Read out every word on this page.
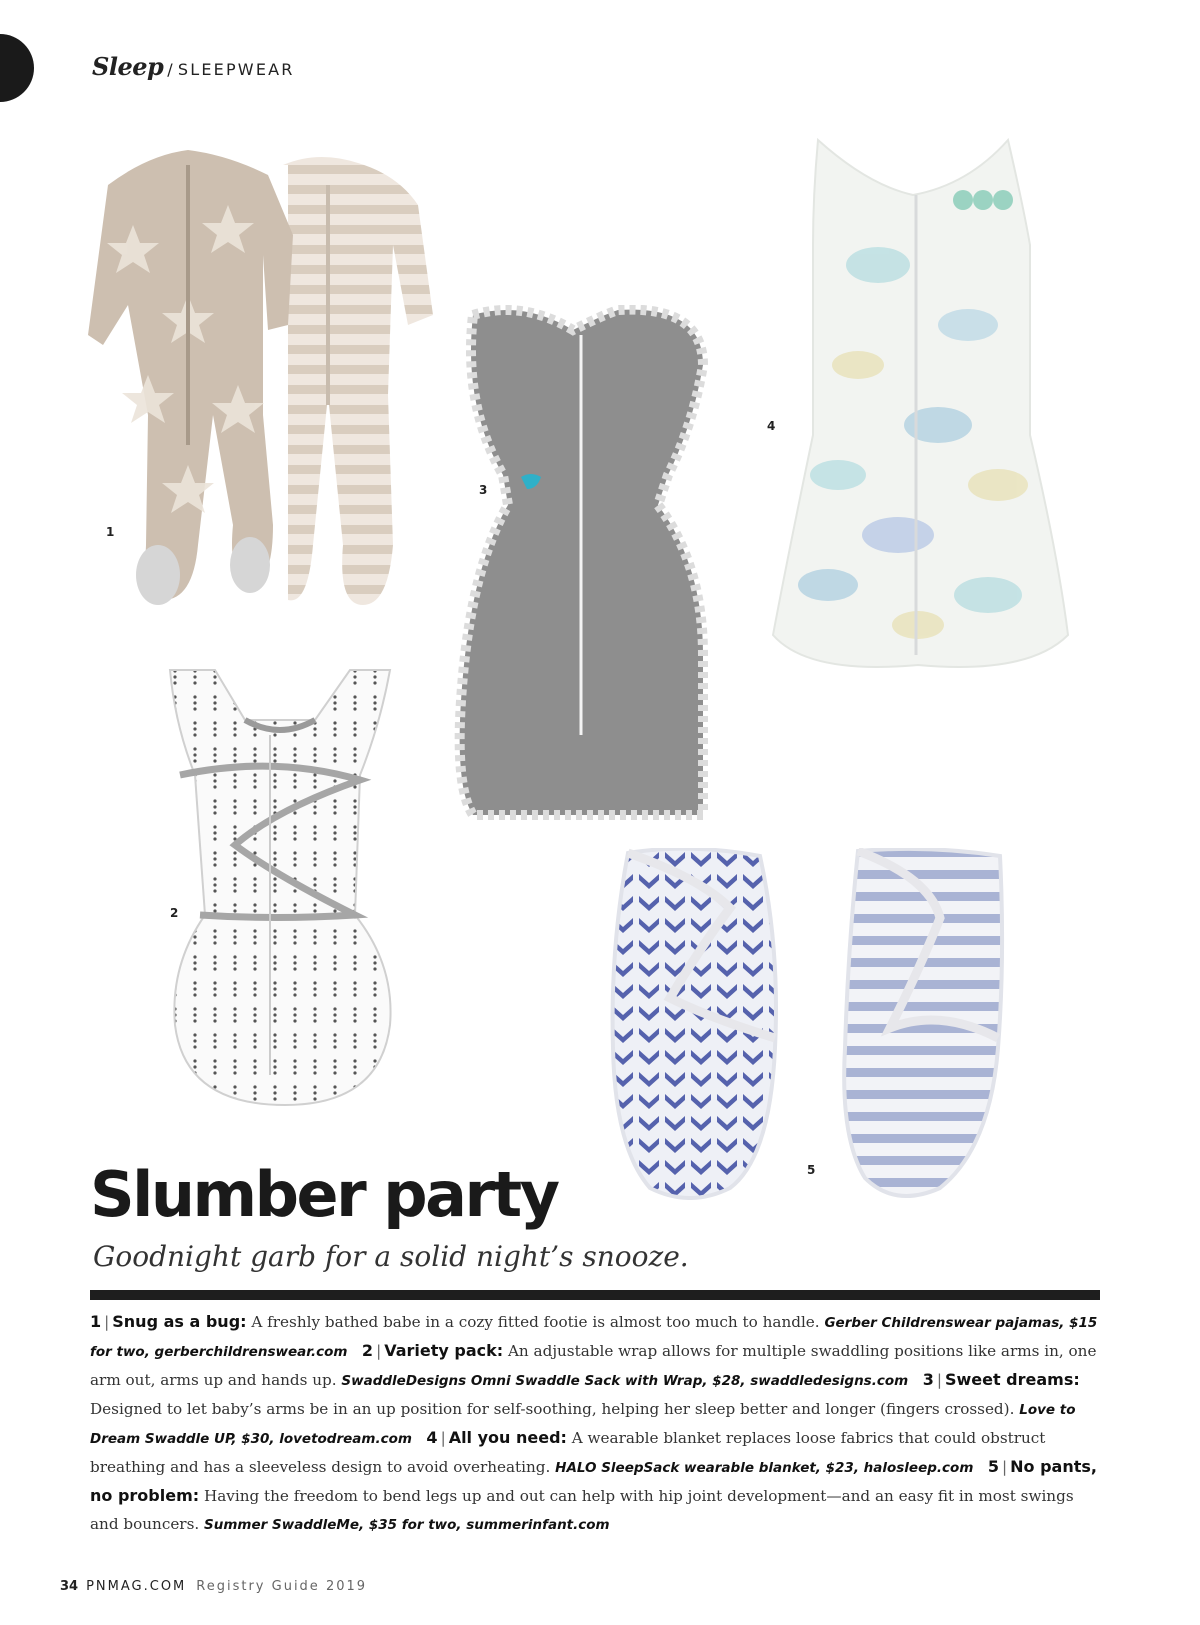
Sleep / SLEEPWEAR
1
2
3
4
5
Slumber party
Goodnight garb for a solid night’s snooze.
1 | Snug as a bug: A freshly bathed babe in a cozy fitted footie is almost too much to handle. Gerber Childrenswear pajamas, $15 for two, gerberchildrenswear.com 2 | Variety pack: An adjustable wrap allows for multiple swaddling positions like arms in, one arm out, arms up and hands up. SwaddleDesigns Omni Swaddle Sack with Wrap, $28, swaddledesigns.com 3 | Sweet dreams: Designed to let baby’s arms be in an up position for self-soothing, helping her sleep better and longer (fingers crossed). Love to Dream Swaddle UP, $30, lovetodream.com 4 | All you need: A wearable blanket replaces loose fabrics that could obstruct breathing and has a sleeveless design to avoid overheating. HALO SleepSack wearable blanket, $23, halosleep.com 5 | No pants, no problem: Having the freedom to bend legs up and out can help with hip joint development—and an easy fit in most swings and bouncers. Summer SwaddleMe, $35 for two, summerinfant.com
34 PNMAG.COM Registry Guide 2019
